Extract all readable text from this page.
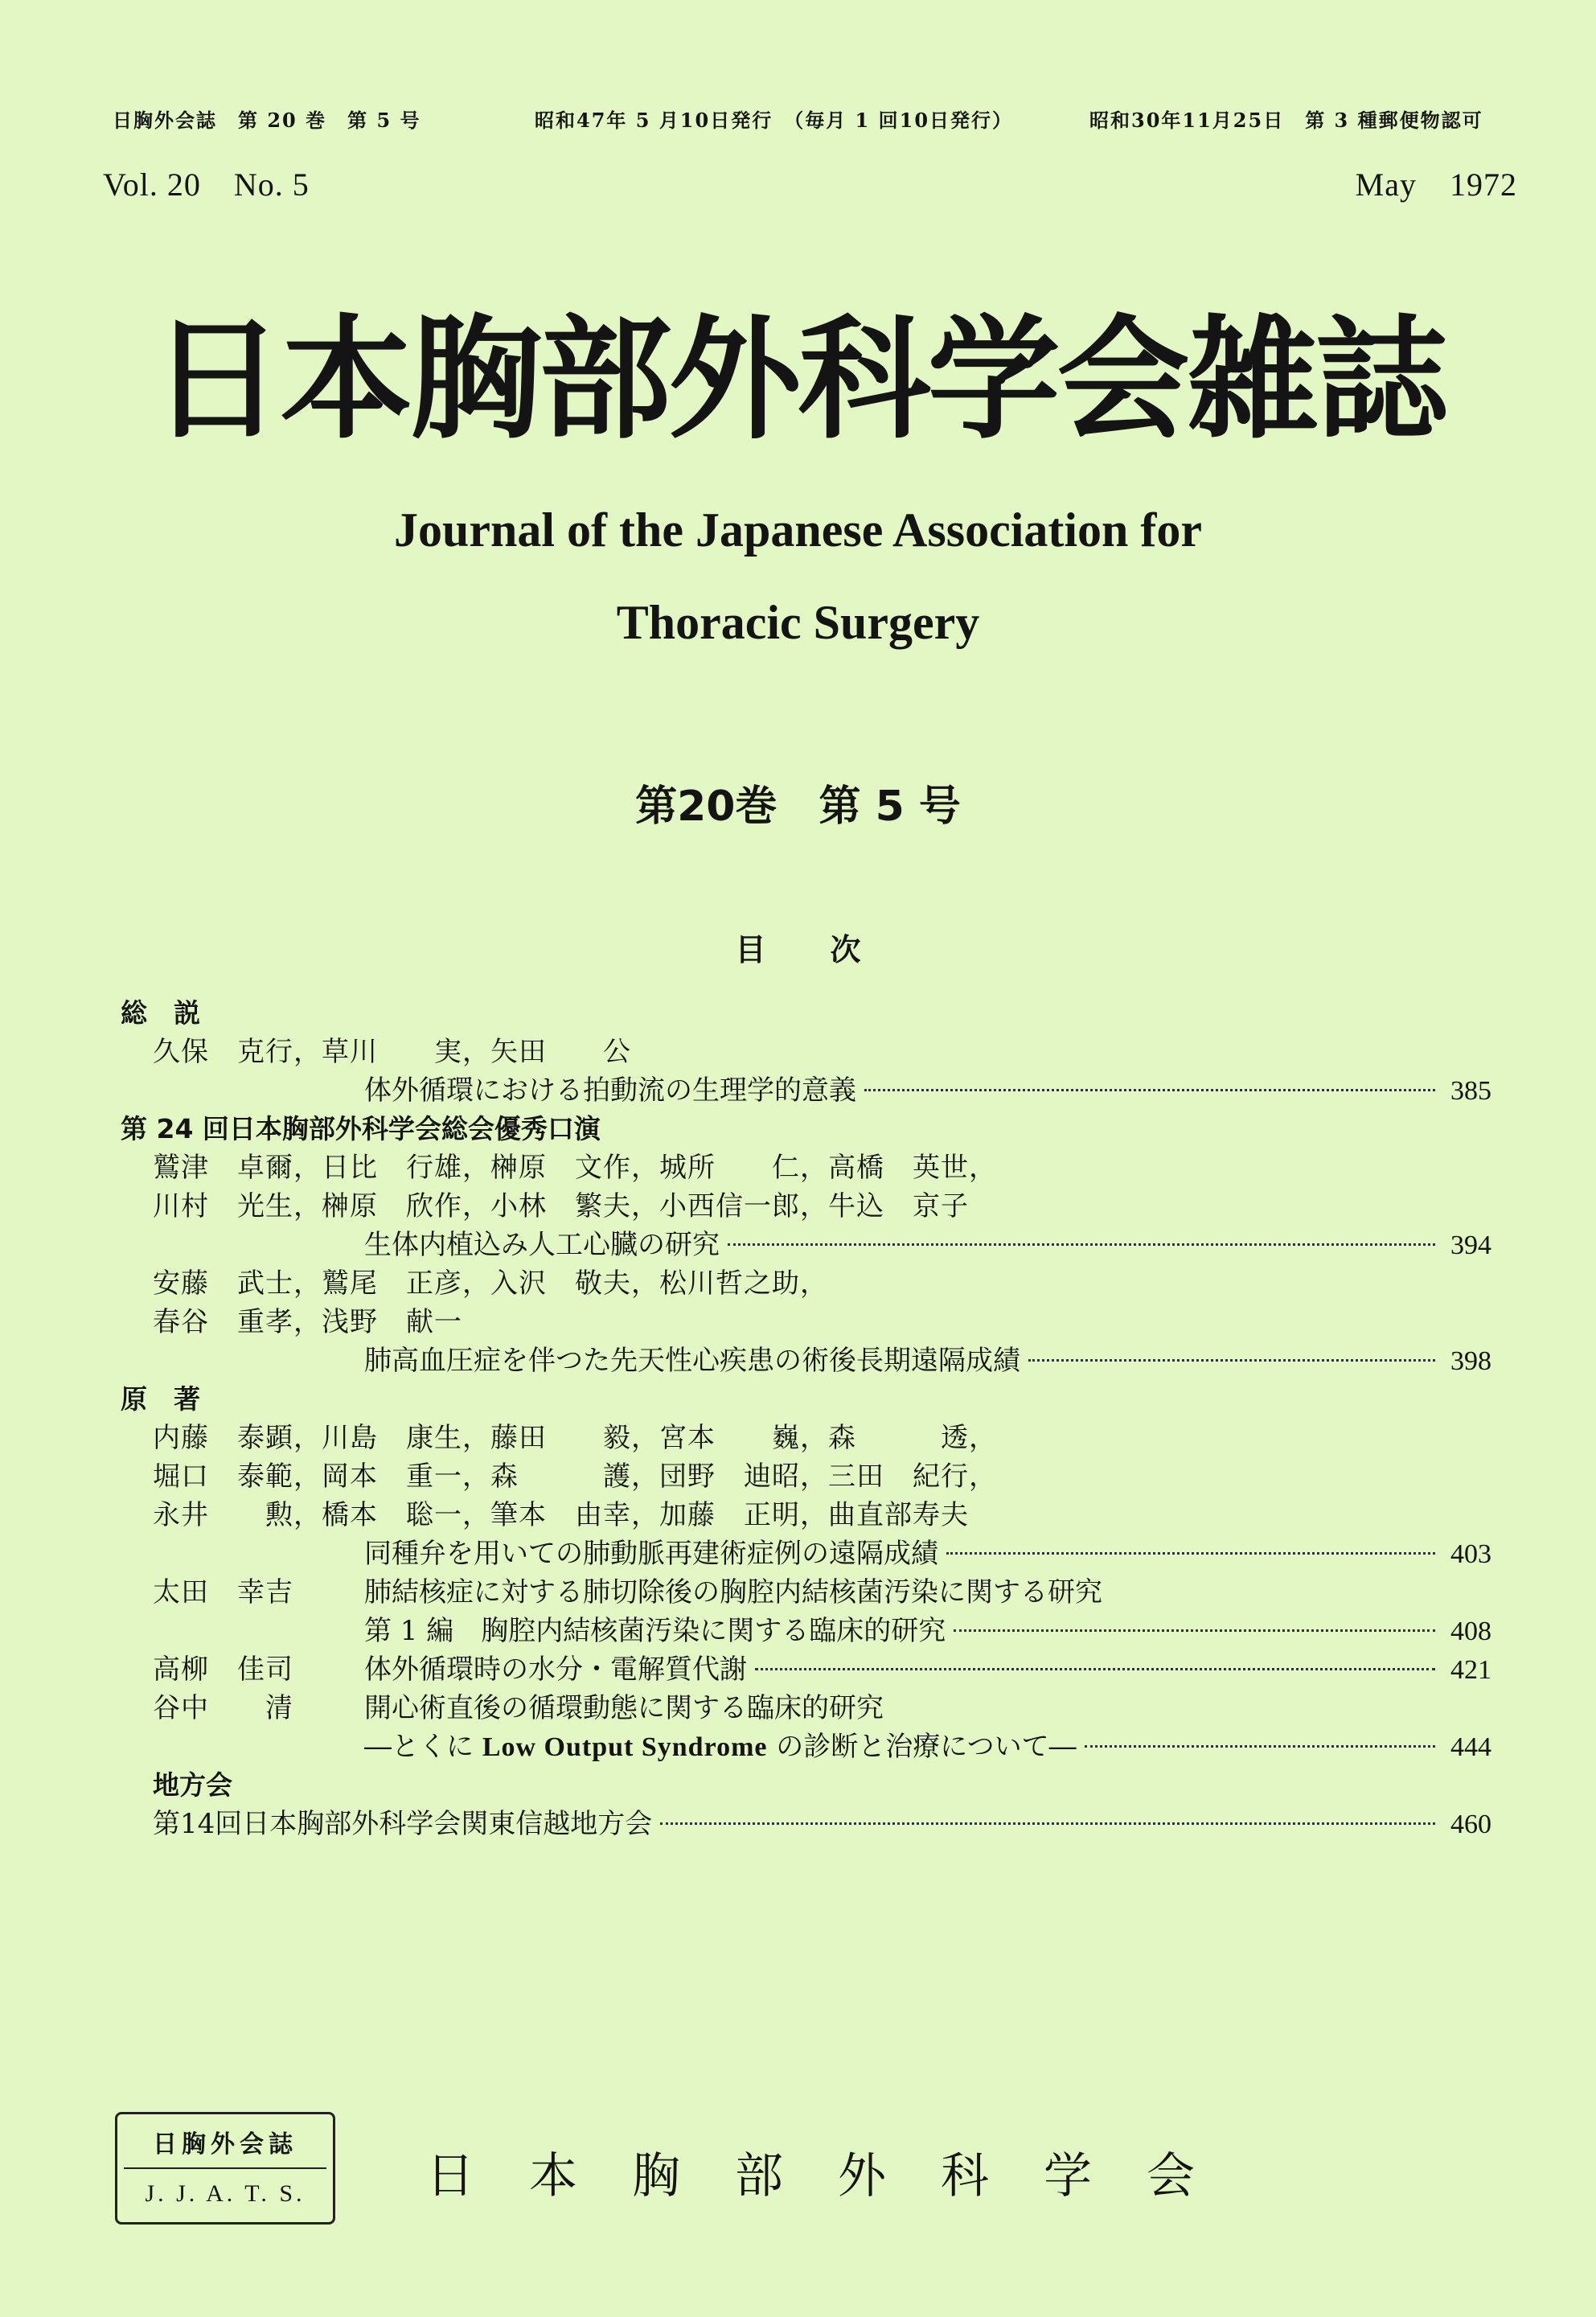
日胸外会誌　第 20 巻　第 5 号	昭和47年 5 月10日発行　（毎月 1 回10日発行）	昭和30年11月25日　第 3 種郵便物認可
Vol. 20　No. 5	May　1972
日本胸部外科学会雑誌
Journal of the Japanese Association for
Thoracic Surgery
第20巻　第 5 号
目次
総　説
久保　克行，草川　　実，矢田　　公
体外循環における拍動流の生理学的意義	385
第 24 回日本胸部外科学会総会優秀口演
鷲津　卓爾，日比　行雄，榊原　文作，城所　　仁，高橋　英世，
川村　光生，榊原　欣作，小林　繁夫，小西信一郎，牛込　京子
生体内植込み人工心臓の研究	394
安藤　武士，鷲尾　正彦，入沢　敬夫，松川哲之助，
春谷　重孝，浅野　献一
肺高血圧症を伴つた先天性心疾患の術後長期遠隔成績	398
原　著
内藤　泰顕，川島　康生，藤田　　毅，宮本　　巍，森　　　透，
堀口　泰範，岡本　重一，森　　　護，団野　迪昭，三田　紀行，
永井　　勲，橋本　聡一，筆本　由幸，加藤　正明，曲直部寿夫
同種弁を用いての肺動脈再建術症例の遠隔成績	403
太田　幸吉	肺結核症に対する肺切除後の胸腔内結核菌汚染に関する研究
第 1 編　胸腔内結核菌汚染に関する臨床的研究	408
高柳　佳司	体外循環時の水分・電解質代謝	421
谷中　　清	開心術直後の循環動態に関する臨床的研究
―とくに Low Output Syndrome の診断と治療について―	444
地方会
第14回日本胸部外科学会関東信越地方会	460
日胸外会誌
J. J. A. T. S.	日本胸部外科学会
